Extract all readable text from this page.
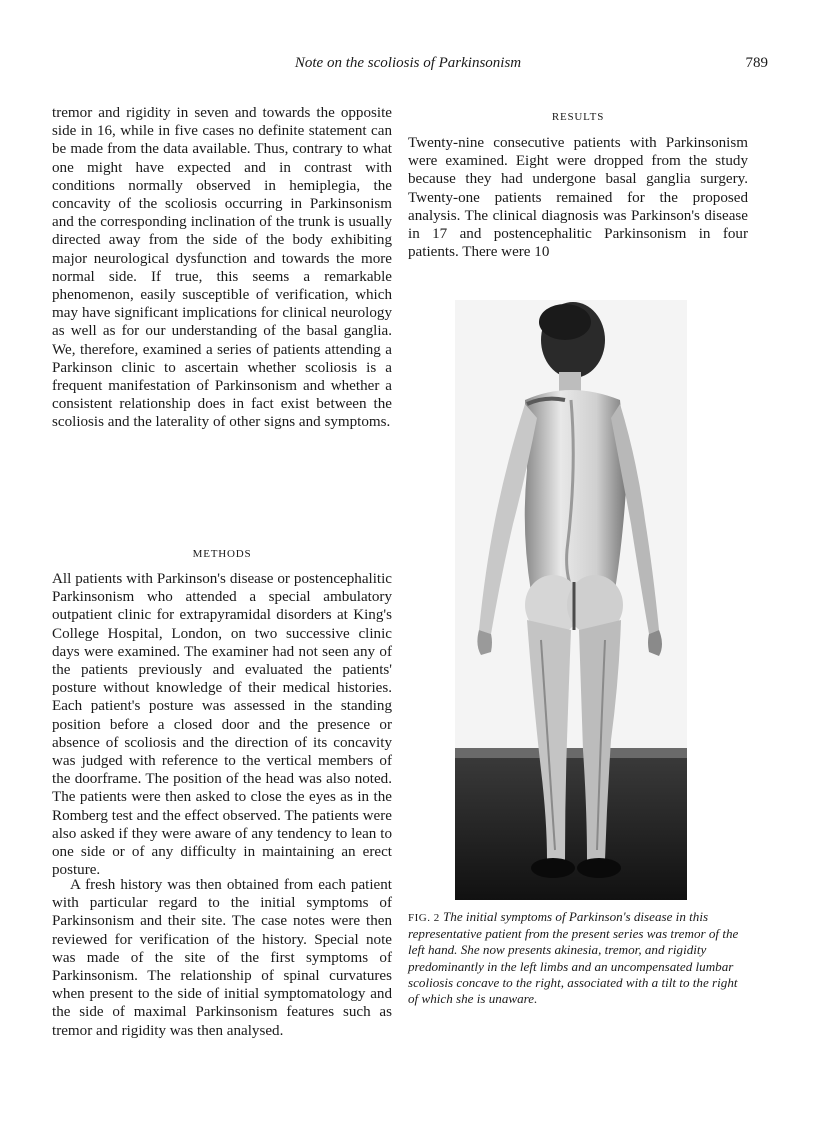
Note on the scoliosis of Parkinsonism	789

tremor and rigidity in seven and towards the opposite side in 16, while in five cases no definite statement can be made from the data available. Thus, contrary to what one might have expected and in contrast with conditions normally observed in hemiplegia, the concavity of the scoliosis occurring in Parkinsonism and the corresponding inclination of the trunk is usually directed away from the side of the body exhibiting major neurological dysfunction and towards the more normal side. If true, this seems a remarkable phenomenon, easily susceptible of verification, which may have significant implications for clinical neurology as well as for our understanding of the basal ganglia. We, therefore, examined a series of patients attending a Parkinson clinic to ascertain whether scoliosis is a frequent manifestation of Parkinsonism and whether a consistent relationship does in fact exist between the scoliosis and the laterality of other signs and symptoms.

METHODS

All patients with Parkinson's disease or postencephalitic Parkinsonism who attended a special ambulatory outpatient clinic for extrapyramidal disorders at King's College Hospital, London, on two successive clinic days were examined. The examiner had not seen any of the patients previously and evaluated the patients' posture without knowledge of their medical histories. Each patient's posture was assessed in the standing position before a closed door and the presence or absence of scoliosis and the direction of its concavity was judged with reference to the vertical members of the doorframe. The position of the head was also noted. The patients were then asked to close the eyes as in the Romberg test and the effect observed. The patients were also asked if they were aware of any tendency to lean to one side or of any difficulty in maintaining an erect posture.

A fresh history was then obtained from each patient with particular regard to the initial symptoms of Parkinsonism and their site. The case notes were then reviewed for verification of the history. Special note was made of the site of the first symptoms of Parkinsonism. The relationship of spinal curvatures when present to the side of initial symptomatology and the side of maximal Parkinsonism features such as tremor and rigidity was then analysed.

RESULTS

Twenty-nine consecutive patients with Parkinsonism were examined. Eight were dropped from the study because they had undergone basal ganglia surgery. Twenty-one patients remained for the proposed analysis. The clinical diagnosis was Parkinson's disease in 17 and postencephalitic Parkinsonism in four patients. There were 10

FIG. 2 The initial symptoms of Parkinson's disease in this representative patient from the present series was tremor of the left hand. She now presents akinesia, tremor, and rigidity predominantly in the left limbs and an uncompensated lumbar scoliosis concave to the right, associated with a tilt to the right of which she is unaware.
